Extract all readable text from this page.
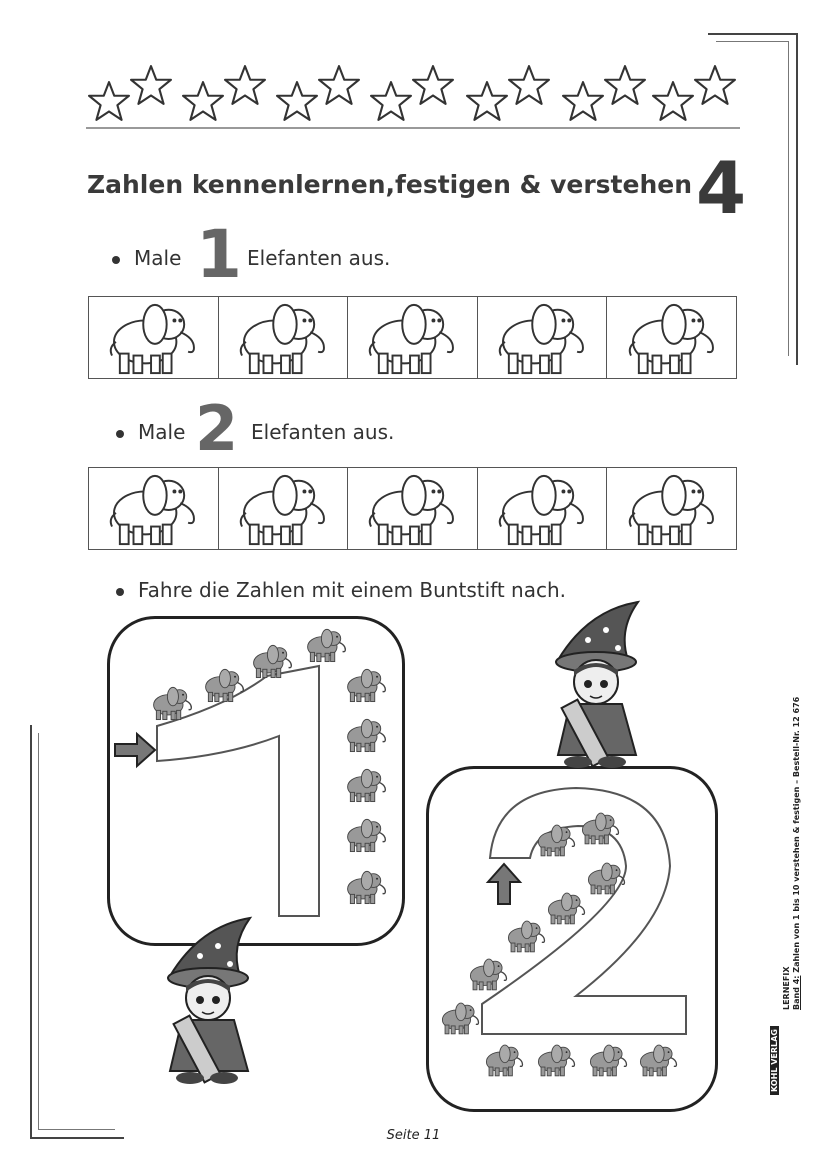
Zahlen kennenlernen,festigen & verstehen 4
Male 1 Elefanten aus.
Male 2 Elefanten aus.
Fahre die Zahlen mit einem Buntstift nach.
KOHL VERLAG
LERNEFIX Band 4: Zahlen von 1 bis 10 verstehen & festigen – Bestell-Nr. 12 676
Seite 11
